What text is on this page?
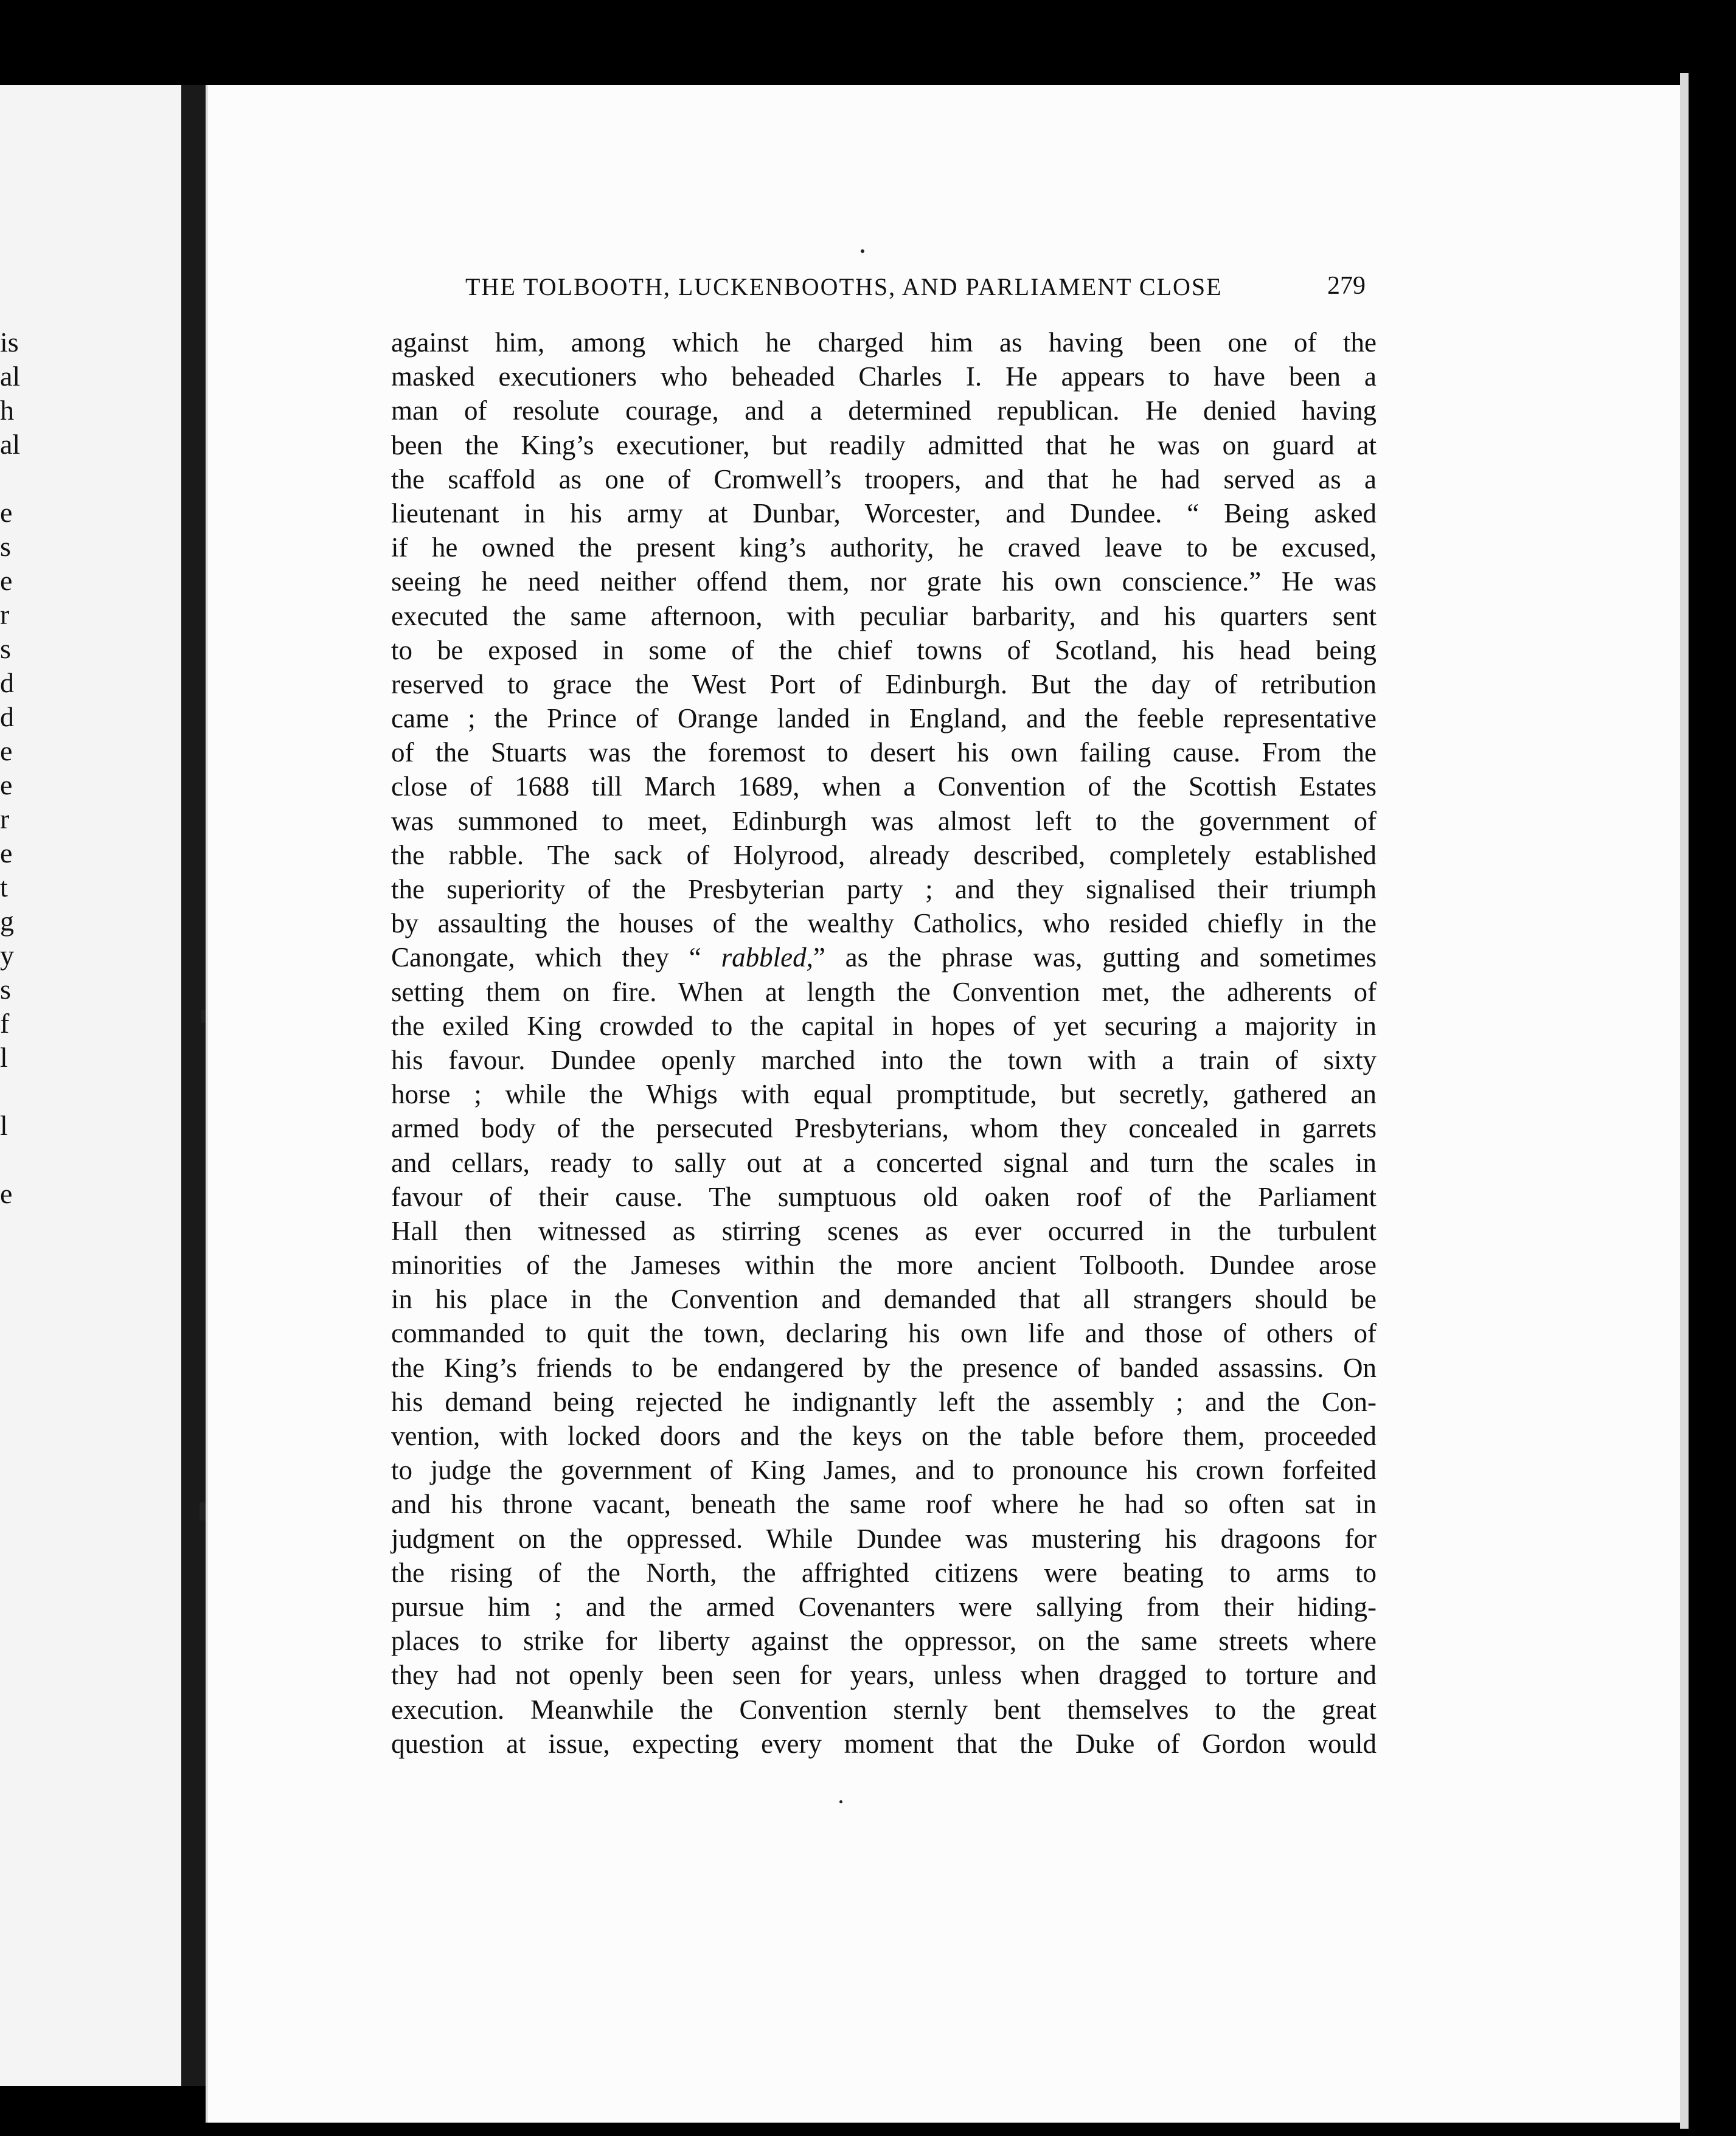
is
al
h
al

e
s
e
r
s
d
d
e
e
r
e
t
g
y
s
f
l

l

e
THE TOLBOOTH, LUCKENBOOTHS, AND PARLIAMENT CLOSE	279
against him, among which he charged him as having been one of the
masked executioners who beheaded Charles I. He appears to have been a
man of resolute courage, and a determined republican. He denied having
been the King’s executioner, but readily admitted that he was on guard at
the scaffold as one of Cromwell’s troopers, and that he had served as a
lieutenant in his army at Dunbar, Worcester, and Dundee. “ Being asked
if he owned the present king’s authority, he craved leave to be excused,
seeing he need neither offend them, nor grate his own conscience.” He was
executed the same afternoon, with peculiar barbarity, and his quarters sent
to be exposed in some of the chief towns of Scotland, his head being
reserved to grace the West Port of Edinburgh. But the day of retribution
came ; the Prince of Orange landed in England, and the feeble representative
of the Stuarts was the foremost to desert his own failing cause. From the
close of 1688 till March 1689, when a Convention of the Scottish Estates
was summoned to meet, Edinburgh was almost left to the government of
the rabble. The sack of Holyrood, already described, completely established
the superiority of the Presbyterian party ; and they signalised their triumph
by assaulting the houses of the wealthy Catholics, who resided chiefly in the
Canongate, which they “ rabbled,” as the phrase was, gutting and sometimes
setting them on fire. When at length the Convention met, the adherents of
the exiled King crowded to the capital in hopes of yet securing a majority in
his favour. Dundee openly marched into the town with a train of sixty
horse ; while the Whigs with equal promptitude, but secretly, gathered an
armed body of the persecuted Presbyterians, whom they concealed in garrets
and cellars, ready to sally out at a concerted signal and turn the scales in
favour of their cause. The sumptuous old oaken roof of the Parliament
Hall then witnessed as stirring scenes as ever occurred in the turbulent
minorities of the Jameses within the more ancient Tolbooth. Dundee arose
in his place in the Convention and demanded that all strangers should be
commanded to quit the town, declaring his own life and those of others of
the King’s friends to be endangered by the presence of banded assassins. On
his demand being rejected he indignantly left the assembly ; and the Con-
vention, with locked doors and the keys on the table before them, proceeded
to judge the government of King James, and to pronounce his crown forfeited
and his throne vacant, beneath the same roof where he had so often sat in
judgment on the oppressed. While Dundee was mustering his dragoons for
the rising of the North, the affrighted citizens were beating to arms to
pursue him ; and the armed Covenanters were sallying from their hiding-
places to strike for liberty against the oppressor, on the same streets where
they had not openly been seen for years, unless when dragged to torture and
execution. Meanwhile the Convention sternly bent themselves to the great
question at issue, expecting every moment that the Duke of Gordon would
